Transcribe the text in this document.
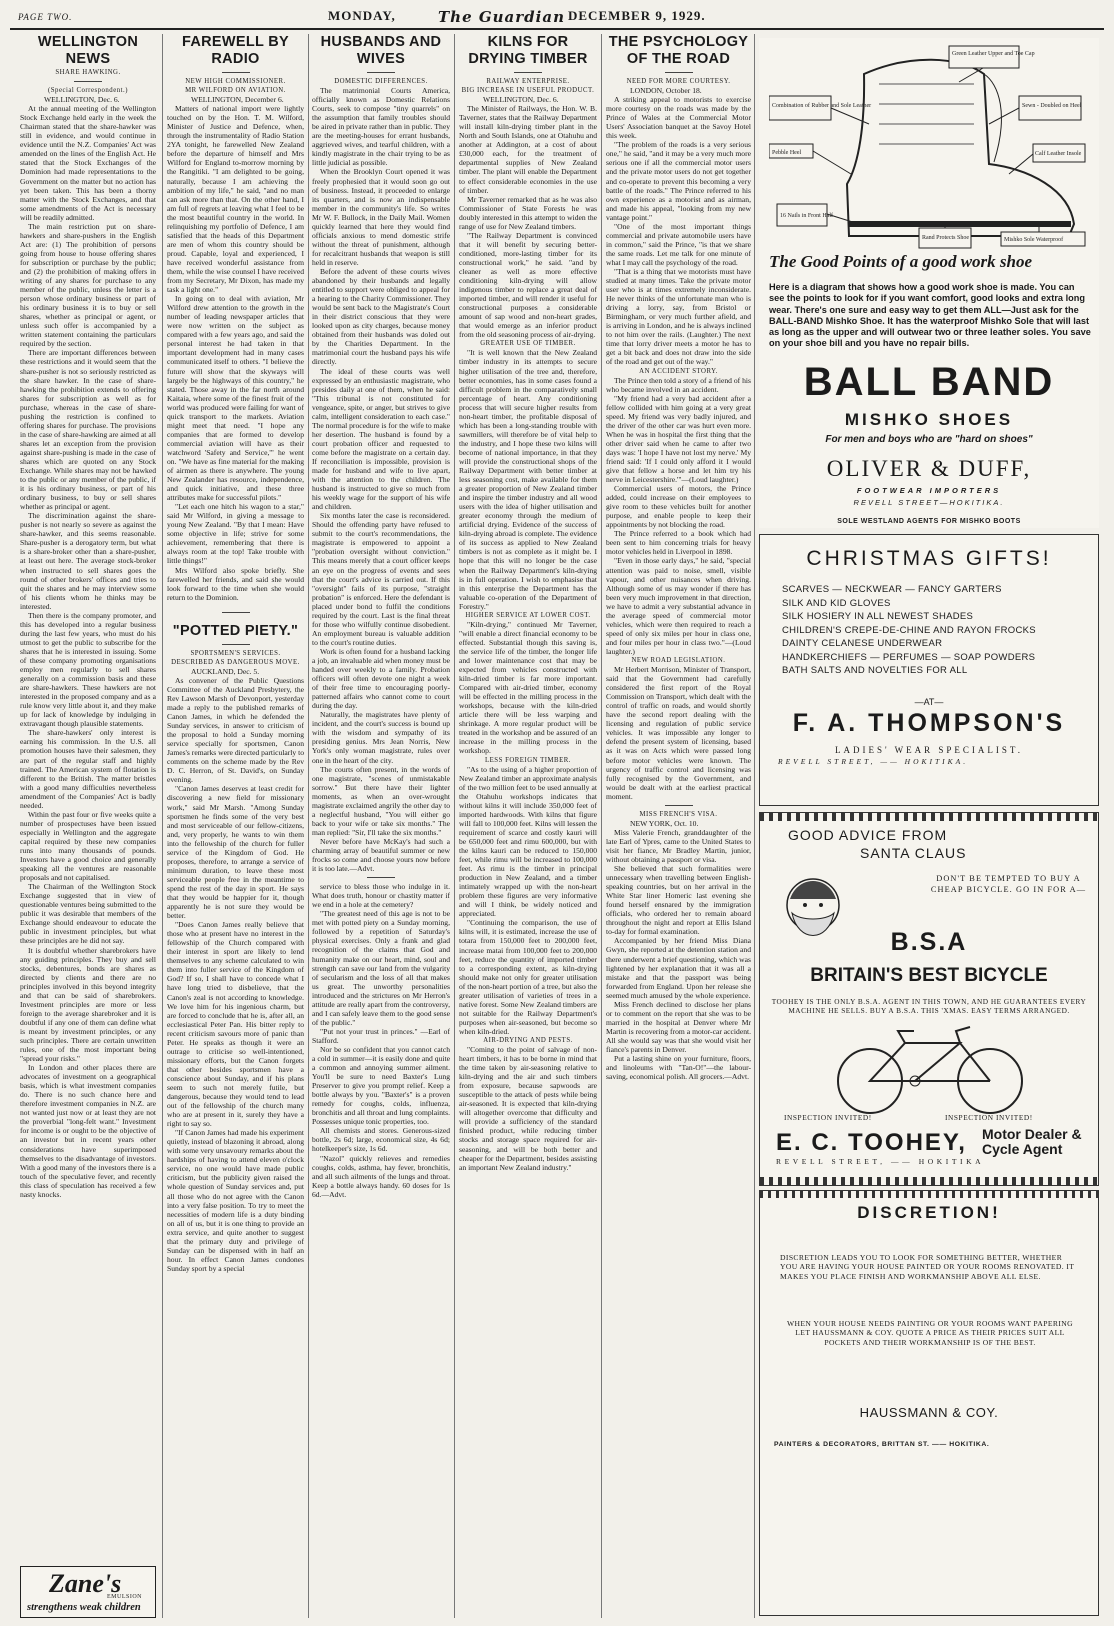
PAGE TWO.	MONDAY,	The Guardian DECEMBER 9, 1929.
WELLINGTON NEWS

SHARE HAWKING.

(Special Correspondent.)

WELLINGTON, Dec. 6.

At the annual meeting of the Wellington Stock Exchange held early in the week the Chairman stated that the share-hawker was still in evidence, and would continue in evidence until the N.Z. Companies' Act was amended on the lines of the English Act. He stated that the Stock Exchanges of the Dominion had made representations to the Government on the matter but no action has yet been taken. This has been a thorny matter with the Stock Exchanges, and that some amendments of the Act is necessary will be readily admitted.

The main restriction put on share-hawkers and share-pushers in the English Act are: (1) The prohibition of persons going from house to house offering shares for subscription or purchase by the public; and (2) the prohibition of making offers in writing of any shares for purchase to any member of the public, unless the letter is a person whose ordinary business or part of his ordinary business it is to buy or sell shares, whether as principal or agent, or unless such offer is accompanied by a written statement containing the particulars required by the section.

There are important differences between these restrictions and it would seem that the share-pusher is not so seriously restricted as the share hawker. In the case of share-hawking the prohibition extends to offering shares for subscription as well as for purchase, whereas in the case of share-pushing the restriction is confined to offering shares for purchase. The provisions in the case of share-hawking are aimed at all shares let an exception from the provision against share-pushing is made in the case of shares which are quoted on any Stock Exchange. While shares may not be hawked to the public or any member of the public, if it is his ordinary business, or part of his ordinary business, to buy or sell shares whether as principal or agent.

The discrimination against the share-pusher is not nearly so severe as against the share-hawker, and this seems reasonable. Share-pusher is a derogatory term, but what is a share-broker other than a share-pusher, at least out here. The average stock-broker when instructed to sell shares goes the round of other brokers' offices and tries to quit the shares and he may interview some of his clients whom he thinks may be interested.

Then there is the company promoter, and this has developed into a regular business during the last few years, who must do his utmost to get the public to subscribe for the shares that he is interested in issuing. Some of these company promoting organisations employ men regularly to sell shares generally on a commission basis and these are share-hawkers. These hawkers are not interested in the proposed company and as a rule know very little about it, and they make up for lack of knowledge by indulging in extravagant though plausible statements.

The share-hawkers' only interest is earning his commission. In the U.S. all promotion houses have their salesmen, they are part of the regular staff and highly trained. The American system of flotation is different to the British. The matter bristles with a good many difficulties nevertheless amendment of the Companies' Act is badly needed.

Within the past four or five weeks quite a number of prospectuses have been issued especially in Wellington and the aggregate capital required by these new companies runs into many thousands of pounds. Investors have a good choice and generally speaking all the ventures are reasonable proposals and not capitalised.

The Chairman of the Wellington Stock Exchange suggested that in view of questionable ventures being submitted to the public it was desirable that members of the Exchange should endeavour to educate the public in investment principles, but what these principles are he did not say.

It is doubtful whether sharebrokers have any guiding principles. They buy and sell stocks, debentures, bonds are shares as directed by clients and there are no principles involved in this beyond integrity and that can be said of sharebrokers. Investment principles are more or less foreign to the average sharebroker and it is doubtful if any one of them can define what is meant by investment principles, or any such principles. There are certain unwritten rules, one of the most important being "spread your risks."

In London and other places there are advocates of investment on a geographical basis, which is what investment companies do. There is no such chance here and therefore investment companies in N.Z. are not wanted just now or at least they are not the proverbial "long-felt want." Investment for income is or ought to be the objective of an investor but in recent years other considerations have superimposed themselves to the disadvantage of investors. With a good many of the investors there is a touch of the speculative fever, and recently this class of speculation has received a few nasty knocks.

Zane's
EMULSION
strengthens weak children
FAREWELL BY RADIO

NEW HIGH COMMISSIONER.

MR WILFORD ON AVIATION.

WELLINGTON, December 6.

Matters of national import were lightly touched on by the Hon. T. M. Wilford, Minister of Justice and Defence, when, through the instrumentality of Radio Station 2YA tonight, he farewelled New Zealand before the departure of himself and Mrs Wilford for England to-morrow morning by the Rangitiki. "I am delighted to be going, naturally, because I am achieving the ambition of my life," he said, "and no man can ask more than that. On the other hand, I am full of regrets at leaving what I feel to be the most beautiful country in the world. In relinquishing my portfolio of Defence, I am satisfied that the heads of this Department are men of whom this country should be proud. Capable, loyal and experienced, I have received wonderful assistance from them, while the wise counsel I have received from my Secretary, Mr Dixon, has made my task a light one."

In going on to deal with aviation, Mr Wilford drew attention to the growth in the number of leading newspaper articles that were now written on the subject as compared with a few years ago, and said the personal interest he had taken in that important development had in many cases communicated itself to others. "I believe the future will show that the skyways will largely be the highways of this country," he stated. Those away in the far north around Kaitaia, where some of the finest fruit of the world was produced were failing for want of quick transport to the markets. Aviation might meet that need. "I hope any companies that are formed to develop commercial aviation will have as their watchword 'Safety and Service,'" he went on. "We have as fine material for the making of airmen as there is anywhere. The young New Zealander has resource, independence, and quick initiative, and these three attributes make for successful pilots."

"Let each one hitch his wagon to a star," said Mr Wilford, in giving a message to young New Zealand. "By that I mean: Have some objective in life; strive for some achievement, remembering that there is always room at the top! Take trouble with little things!"

Mrs Wilford also spoke briefly. She farewelled her friends, and said she would look forward to the time when she would return to the Dominion.

"POTTED PIETY."

SPORTSMEN'S SERVICES.

DESCRIBED AS DANGEROUS MOVE.

AUCKLAND, Dec. 5.

As convener of the Public Questions Committee of the Auckland Presbytery, the Rev Lawson Marsh of Devonport, yesterday made a reply to the published remarks of Canon James, in which he defended the Sunday services, in answer to criticism of the proposal to hold a Sunday morning service specially for sportsmen, Canon James's remarks were directed particularly to comments on the scheme made by the Rev D. C. Herron, of St. David's, on Sunday evening.

"Canon James deserves at least credit for discovering a new field for missionary work," said Mr Marsh. "Among Sunday sportsmen he finds some of the very best and most serviceable of our fellow-citizens, and, very properly, he wants to win them into the fellowship of the church for fuller service of the Kingdom of God. He proposes, therefore, to arrange a service of minimum duration, to leave these most serviceable people free in the meantime to spend the rest of the day in sport. He says that they would be happier for it, though apparently he is not sure they would be better.

"Does Canon James really believe that those who at present have no interest in the fellowship of the Church compared with their interest in sport are likely to lend themselves to any scheme calculated to win them into fuller service of the Kingdom of God? If so, I shall have to concede what I have long tried to disbelieve, that the Canon's zeal is not according to knowledge. We love him for his ingenious charm, but are forced to conclude that he is, after all, an ecclesiastical Peter Pan. His bitter reply to recent criticism savours more of panic than Peter. He speaks as though it were an outrage to criticise so well-intentioned, missionary efforts, but the Canon forgets that other besides sportsmen have a conscience about Sunday, and if his plans seem to such not merely futile, but dangerous, because they would tend to lead out of the fellowship of the church many who are at present in it, surely they have a right to say so.

"If Canon James had made his experiment quietly, instead of blazoning it abroad, along with some very unsavoury remarks about the hardships of having to attend eleven o'clock service, no one would have made public criticism, but the publicity given raised the whole question of Sunday services and, put all those who do not agree with the Canon into a very false position. To try to meet the necessities of modern life is a duty binding on all of us, but it is one thing to provide an extra service, and quite another to suggest that the primary duty and privilege of Sunday can be dispensed with in half an hour. In effect Canon James condones Sunday sport by a special

HUSBANDS AND WIVES

DOMESTIC DIFFERENCES.

The matrimonial Courts America, officially known as Domestic Relations Courts, seek to compose "tiny quarrels" on the assumption that family troubles should be aired in private rather than in public. They are the meeting-houses for errant husbands, aggrieved wives, and tearful children, with a kindly magistrate in the chair trying to be as little judicial as possible.

When the Brooklyn Court opened it was freely prophesied that it would soon go out of business. Instead, it proceeded to enlarge its quarters, and is now an indispensable member in the community's life. So writes Mr W. F. Bullock, in the Daily Mail. Women quickly learned that here they would find officials anxious to mend domestic strife without the threat of punishment, although for recalcitrant husbands that weapon is still held in reserve.

Before the advent of these courts wives abandoned by their husbands and legally entitled to support were obliged to appeal for a hearing to the Charity Commissioner. They would be sent back to the Magistrate's Court in their district conscious that they were looked upon as city charges, because money obtained from their husbands was doled out by the Charities Department. In the matrimonial court the husband pays his wife directly.

The ideal of these courts was well expressed by an enthusiastic magistrate, who presides daily at one of them, when he said: "This tribunal is not constituted for vengeance, spite, or anger, but strives to give calm, intelligent consideration to each case." The normal procedure is for the wife to make her desertion. The husband is found by a court probation officer and requested to come before the magistrate on a certain day. If reconciliation is impossible, provision is made for husband and wife to live apart, with the attention to the children. The husband is instructed to give so much from his weekly wage for the support of his wife and children.

Six months later the case is reconsidered. Should the offending party have refused to submit to the court's recommendations, the magistrate is empowered to appoint a "probation oversight without conviction." This means merely that a court officer keeps an eye on the progress of events and sees that the court's advice is carried out. If this "oversight" fails of its purpose, "straight probation" is enforced. Here the defendant is placed under bond to fulfil the conditions required by the court. Last is the final threat for those who wilfully continue disobedient. An employment bureau is valuable addition to the court's routine duties.

Work is often found for a husband lacking a job, an invaluable aid when money must be handed over weekly to a family. Probation officers will often devote one night a week of their free time to encouraging poorly-patterned affairs who cannot come to court during the day.

Naturally, the magistrates have plenty of incident, and the court's success is bound up with the wisdom and sympathy of its presiding genius. Mrs Jean Norris, New York's only woman magistrate, rules over one in the heart of the city.

The courts often present, in the words of one magistrate, "scenes of unmistakable sorrow." But there have their lighter moments, as when an over-wrought magistrate exclaimed angrily the other day to a neglectful husband, "You will either go back to your wife or take six months." The man replied: "Sir, I'll take the six months."

Never before have McKay's had such a charming array of beautiful summer or new frocks so come and choose yours now before it is too late.—Advt.

service to bless those who indulge in it. What does truth, honour or chastity matter if we end in a hole at the cemetery?

"The greatest need of this age is not to be met with potted piety on a Sunday morning, followed by a repetition of Saturday's physical exercises. Only a frank and glad recognition of the claims that God and humanity make on our heart, mind, soul and strength can save our land from the vulgarity of secularism and the loss of all that makes us great. The unworthy personalities introduced and the strictures on Mr Herron's attitude are really apart from the controversy, and I can safely leave them to the good sense of the public."

"Put not your trust in princes." —Earl of Stafford.

Nor be so confident that you cannot catch a cold in summer—it is easily done and quite a common and annoying summer ailment. You'll be sure to need Baxter's Lung Preserver to give you prompt relief. Keep a bottle always by you. "Baxter's" is a proven remedy for coughs, colds, influenza, bronchitis and all throat and lung complaints. Possesses unique tonic properties, too.

All chemists and stores. Generous-sized bottle, 2s 6d; large, economical size, 4s 6d; hotelkeeper's size, 1s 6d.

"Nazol" quickly relieves and remedies coughs, colds, asthma, hay fever, bronchitis, and all such ailments of the lungs and throat. Keep a bottle always handy. 60 doses for 1s 6d.—Advt.

KILNS FOR DRYING TIMBER

RAILWAY ENTERPRISE.

BIG INCREASE IN USEFUL PRODUCT.

WELLINGTON, Dec. 6.

The Minister of Railways, the Hon. W. B. Taverner, states that the Railway Department will install kiln-drying timber plant in the North and South Islands, one at Otahuhu and another at Addington, at a cost of about £30,000 each, for the treatment of departmental supplies of New Zealand timber. The plant will enable the Department to effect considerable economies in the use of timber.

Mr Taverner remarked that as he was also Commissioner of State Forests he was doubly interested in this attempt to widen the range of use for New Zealand timbers.

"The Railway Department is convinced that it will benefit by securing better-conditioned, more-lasting timber for its constructional work," he said. "and by cleaner as well as more effective conditioning kiln-drying will allow indigenous timber to replace a great deal of imported timber, and will render it useful for constructional purposes a considerable amount of sap wood and non-heart grades, that would emerge as an inferior product from the old seasoning process of air-drying.

GREATER USE OF TIMBER.

"It is well known that the New Zealand timber industry in its attempts to secure higher utilisation of the tree and, therefore, better economies, has in some cases found a difficult problem in the comparatively small percentage of heart. Any conditioning process that will secure higher results from non-heart timber, the profitable disposal of which has been a long-standing trouble with sawmillers, will therefore be of vital help to the industry, and I hope these two kilns will become of national importance, in that they will provide the constructional shops of the Railway Department with better timber at less seasoning cost, make available for them a greater proportion of New Zealand timber and inspire the timber industry and all wood users with the idea of higher utilisation and greater economy through the medium of artificial drying. Evidence of the success of kiln-drying abroad is complete. The evidence of its success as applied to New Zealand timbers is not as complete as it might be. I hope that this will no longer be the case when the Railway Department's kiln-drying is in full operation. I wish to emphasise that in this enterprise the Department has the valuable co-operation of the Department of Forestry."

HIGHER SERVICE AT LOWER COST.

"Kiln-drying," continued Mr Taverner, "will enable a direct financial economy to be effected. Substantial though this saving is, the service life of the timber, the longer life and lower maintenance cost that may be expected from vehicles constructed with kiln-dried timber is far more important. Compared with air-dried timber, economy will be effected in the milling process in the workshops, because with the kiln-dried article there will be less warping and shrinkage. A more regular product will be treated in the workshop and be assured of an increase in the milling process in the workshop.

LESS FOREIGN TIMBER.

"As to the using of a higher proportion of New Zealand timber an approximate analysis of the two million feet to be used annually at the Otahuhu workshops indicates that without kilns it will include 350,000 feet of imported hardwoods. With kilns that figure will fall to 100,000 feet. Kilns will lessen the requirement of scarce and costly kauri will be 650,000 feet and rimu 600,000, but with the kilns kauri can be reduced to 150,000 feet, while rimu will be increased to 100,000 feet. As rimu is the timber in principal production in New Zealand, and a timber intimately wrapped up with the non-heart problem these figures are very informative and will I think, be widely noticed and appreciated.

"Continuing the comparison, the use of kilns will, it is estimated, increase the use of totara from 150,000 feet to 200,000 feet, increase matai from 100,000 feet to 200,000 feet, reduce the quantity of imported timber to a corresponding extent, as kiln-drying should make not only for greater utilisation of the non-heart portion of a tree, but also the greater utilisation of varieties of trees in a native forest. Some New Zealand timbers are not suitable for the Railway Department's purposes when air-seasoned, but become so when kiln-dried.

AIR-DRYING AND PESTS.

"Coming to the point of salvage of non-heart timbers, it has to be borne in mind that the time taken by air-seasoning relative to kiln-drying and the air and such timbers from exposure, because sapwoods are susceptible to the attack of pests while being air-seasoned. It is expected that kiln-drying will altogether overcome that difficulty and will provide a sufficiency of the standard finished product, while reducing timber stocks and storage space required for air-seasoning, and will be both better and cheaper for the Department, besides assisting an important New Zealand industry."

THE PSYCHOLOGY OF THE ROAD

NEED FOR MORE COURTESY.

LONDON, October 18.

A striking appeal to motorists to exercise more courtesy on the roads was made by the Prince of Wales at the Commercial Motor Users' Association banquet at the Savoy Hotel this week.

"The problem of the roads is a very serious one," he said, "and it may be a very much more serious one if all the commercial motor users and the private motor users do not get together and co-operate to prevent this becoming a very battle of the roads." The Prince referred to his own experience as a motorist and as airman, and made his appeal, "looking from my new vantage point."

"One of the most important things commercial and private automobile users have in common," said the Prince, "is that we share the same roads. Let me talk for one minute of what I may call the psychology of the road.

"That is a thing that we motorists must have studied at many times. Take the private motor user who is at times extremely inconsiderate. He never thinks of the unfortunate man who is driving a lorry, say, from Bristol or Birmingham, or very much further afield, and is arriving in London, and he is always inclined to not him over the rails. (Laughter.) The next time that lorry driver meets a motor he has to get a bit back and does not draw into the side of the road and get out of the way."

AN ACCIDENT STORY.

The Prince then told a story of a friend of his who became involved in an accident.

"My friend had a very bad accident after a fellow collided with him going at a very great speed. My friend was very badly injured, and the driver of the other car was hurt even more. When he was in hospital the first thing that the other driver said when he came to after two days was: 'I hope I have not lost my nerve.' My friend said: 'If I could only afford it I would give that fellow a horse and let him try his nerve in Leicestershire.'"—(Loud laughter.)

Commercial users of motors, the Prince added, could increase on their employees to give room to these vehicles built for another purpose, and enable people to keep their appointments by not blocking the road.

The Prince referred to a book which had been sent to him concerning trials for heavy motor vehicles held in Liverpool in 1898.

"Even in those early days," he said, "special attention was paid to noise, smell, visible vapour, and other nuisances when driving. Although some of us may wonder if there has been very much improvement in that direction, we have to admit a very substantial advance in the average speed of commercial motor vehicles, which were then required to reach a speed of only six miles per hour in class one, and four miles per hour in class two."—(Loud laughter.)

NEW ROAD LEGISLATION.

Mr Herbert Morrison, Minister of Transport, said that the Government had carefully considered the first report of the Royal Commission on Transport, which dealt with the control of traffic on roads, and would shortly have the second report dealing with the licensing and regulation of public service vehicles. It was impossible any longer to defend the present system of licensing, based as it was on Acts which were passed long before motor vehicles were known. The urgency of traffic control and licensing was fully recognised by the Government, and would be dealt with at the earliest practical moment.

MISS FRENCH'S VISA.

NEW YORK, Oct. 10.

Miss Valerie French, granddaughter of the late Earl of Ypres, came to the United States to visit her fiance, Mr Bradley Martin, junior, without obtaining a passport or visa.

She believed that such formalities were unnecessary when travelling between English-speaking countries, but on her arrival in the White Star liner Homeric last evening she found herself ensnared by the immigration officials, who ordered her to remain aboard throughout the night and report at Ellis Island to-day for formal examination.

Accompanied by her friend Miss Diana Gwyn, she reported at the detention station and there underwent a brief questioning, which was lightened by her explanation that it was all a mistake and that the passport was being forwarded from England. Upon her release she seemed much amused by the whole experience.

Miss French declined to disclose her plans or to comment on the report that she was to be married in the hospital at Denver where Mr Martin is recovering from a motor-car accident. All she would say was that she would visit her fiance's parents in Denver.

Put a lasting shine on your furniture, floors, and linoleums with "Tan-O!"—the labour-saving, economical polish. All grocers.—Advt.

Green Leather Upper and Toe Cap
Combination of Rubber and Sole Leather	Sewn - Doubled on Heel
Pebble Heel	Calf Leather Insole
16 Nails in Front Half
Rand Protects Shoe	Mishko Sole Waterproof
The Good Points of a good work shoe
Here is a diagram that shows how a good work shoe is made. You can see the points to look for if you want comfort, good looks and extra long wear. There's one sure and easy way to get them ALL—Just ask for the BALL-BAND Mishko Shoe. It has the waterproof Mishko Sole that will last as long as the upper and will outwear two or three leather soles. You save on your shoe bill and you have no repair bills.
BALL BAND
MISHKO SHOES
For men and boys who are "hard on shoes"
OLIVER & DUFF,
FOOTWEAR IMPORTERS
REVELL STREET—HOKITIKA.
SOLE WESTLAND AGENTS FOR MISHKO BOOTS
CHRISTMAS GIFTS!
SCARVES — NECKWEAR — FANCY GARTERS
SILK AND KID GLOVES
SILK HOSIERY IN ALL NEWEST SHADES
CHILDREN'S CREPE-DE-CHINE AND RAYON FROCKS
DAINTY CELANESE UNDERWEAR
HANDKERCHIEFS — PERFUMES — SOAP POWDERS
BATH SALTS AND NOVELTIES FOR ALL
—AT—
F. A. THOMPSON'S
LADIES' WEAR SPECIALIST.
REVELL STREET, —— HOKITIKA.
GOOD ADVICE FROM
SANTA CLAUS
DON'T BE TEMPTED TO BUY A CHEAP BICYCLE. GO IN FOR A—
B.S.A
BRITAIN'S BEST BICYCLE
TOOHEY IS THE ONLY B.S.A. AGENT IN THIS TOWN, AND HE GUARANTEES EVERY MACHINE HE SELLS. BUY A B.S.A. THIS 'XMAS. EASY TERMS ARRANGED.
INSPECTION INVITED!	INSPECTION INVITED!
E. C. TOOHEY, Motor Dealer & Cycle Agent
REVELL STREET, —— HOKITIKA
DISCRETION!
DISCRETION LEADS YOU TO LOOK FOR SOMETHING BETTER, WHETHER YOU ARE HAVING YOUR HOUSE PAINTED OR YOUR ROOMS RENOVATED. IT MAKES YOU PLACE FINISH AND WORKMANSHIP ABOVE ALL ELSE.
WHEN YOUR HOUSE NEEDS PAINTING OR YOUR ROOMS WANT PAPERING LET HAUSSMANN & COY. QUOTE A PRICE AS THEIR PRICES SUIT ALL POCKETS AND THEIR WORKMANSHIP IS OF THE BEST.
HAUSSMANN & COY.
PAINTERS & DECORATORS, BRITTAN ST. —— HOKITIKA.
